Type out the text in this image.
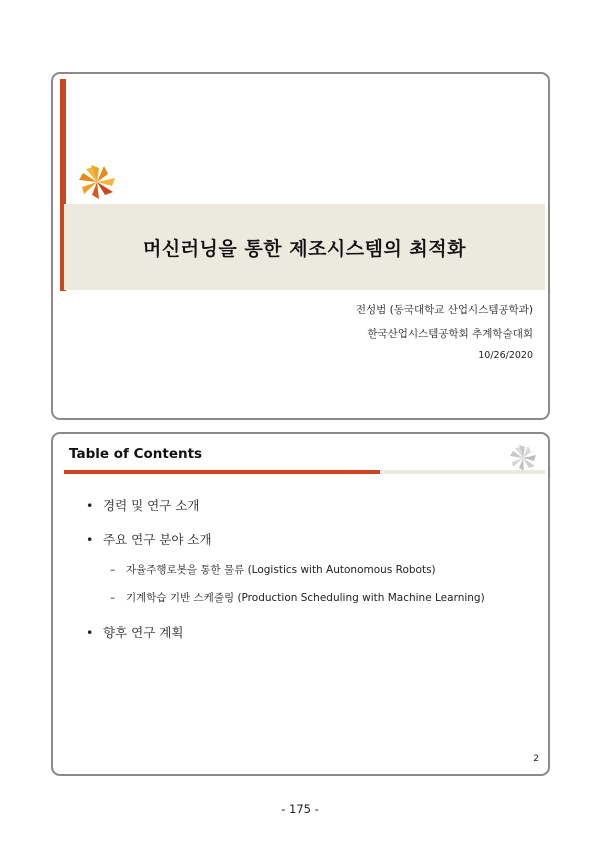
머신러닝을 통한 제조시스템의 최적화
전성범 (동국대학교 산업시스템공학과)
한국산업시스템공학회 추계학술대회
10/26/2020
Table of Contents
• 경력 및 연구 소개
• 주요 연구 분야 소개
– 자율주행로봇을 통한 물류 (Logistics with Autonomous Robots)
– 기계학습 기반 스케줄링 (Production Scheduling with Machine Learning)
• 향후 연구 계획
2
- 175 -
